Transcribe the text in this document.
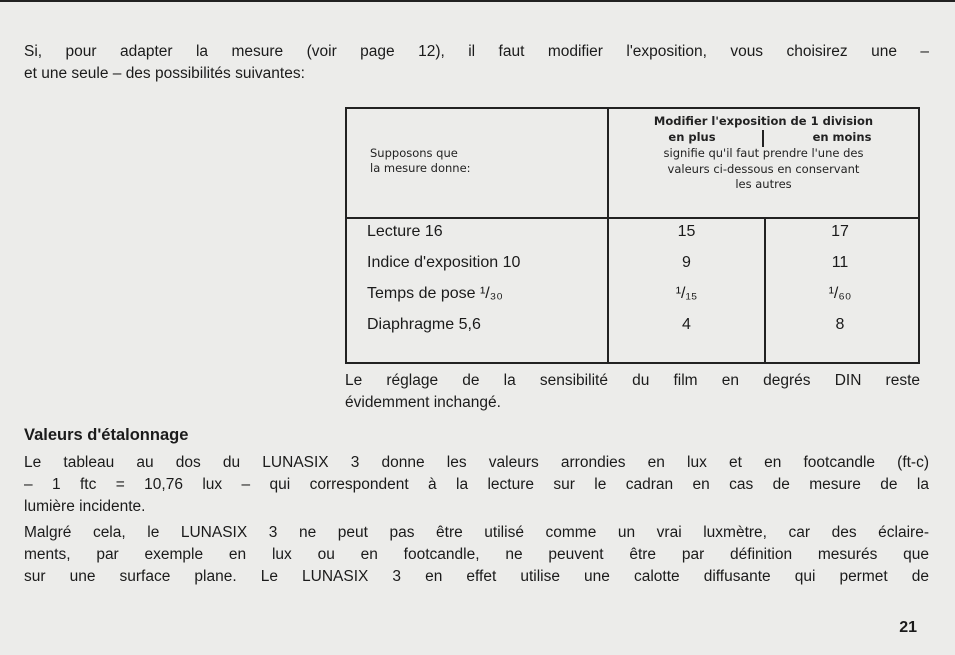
Si, pour adapter la mesure (voir page 12), il faut modifier l'exposition, vous choisirez une –
et une seule – des possibilités suivantes:
Supposons que
la mesure donne:
Modifier l'exposition de 1 division
en plus	en moins
signifie qu'il faut prendre l'une des
valeurs ci-dessous en conservant
les autres
Lecture 16	15	17
Indice d'exposition 10	9	11
Temps de pose ¹/₃₀	¹/₁₅	¹/₆₀
Diaphragme 5,6	4	8
Le réglage de la sensibilité du film en degrés DIN reste
évidemment inchangé.
Valeurs d'étalonnage
Le tableau au dos du LUNASIX 3 donne les valeurs arrondies en lux et en footcandle (ft-c)
– 1 ftc = 10,76 lux – qui correspondent à la lecture sur le cadran en cas de mesure de la
lumière incidente.
Malgré cela, le LUNASIX 3 ne peut pas être utilisé comme un vrai luxmètre, car des éclaire-
ments, par exemple en lux ou en footcandle, ne peuvent être par définition mesurés que
sur une surface plane. Le LUNASIX 3 en effet utilise une calotte diffusante qui permet de
21
